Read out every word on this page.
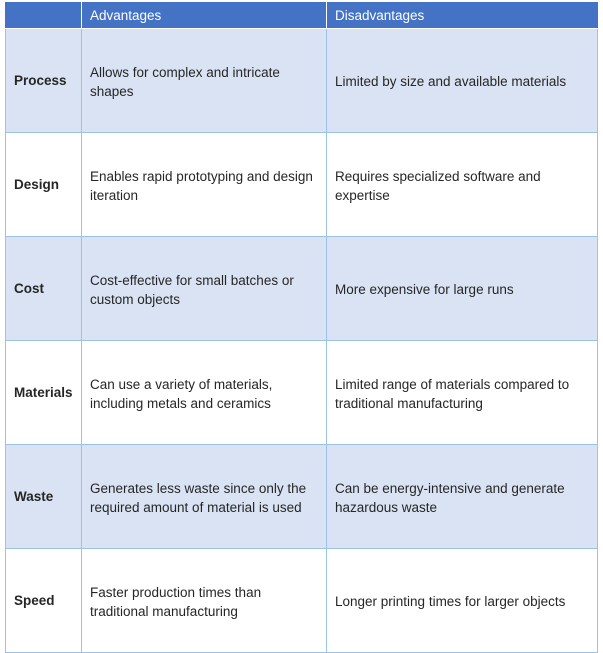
	Advantages	Disadvantages
Process	Allows for complex and intricate shapes	Limited by size and available materials
Design	Enables rapid prototyping and design iteration	Requires specialized software and expertise
Cost	Cost-effective for small batches or custom objects	More expensive for large runs
Materials	Can use a variety of materials, including metals and ceramics	Limited range of materials compared to traditional manufacturing
Waste	Generates less waste since only the required amount of material is used	Can be energy-intensive and generate hazardous waste
Speed	Faster production times than traditional manufacturing	Longer printing times for larger objects
